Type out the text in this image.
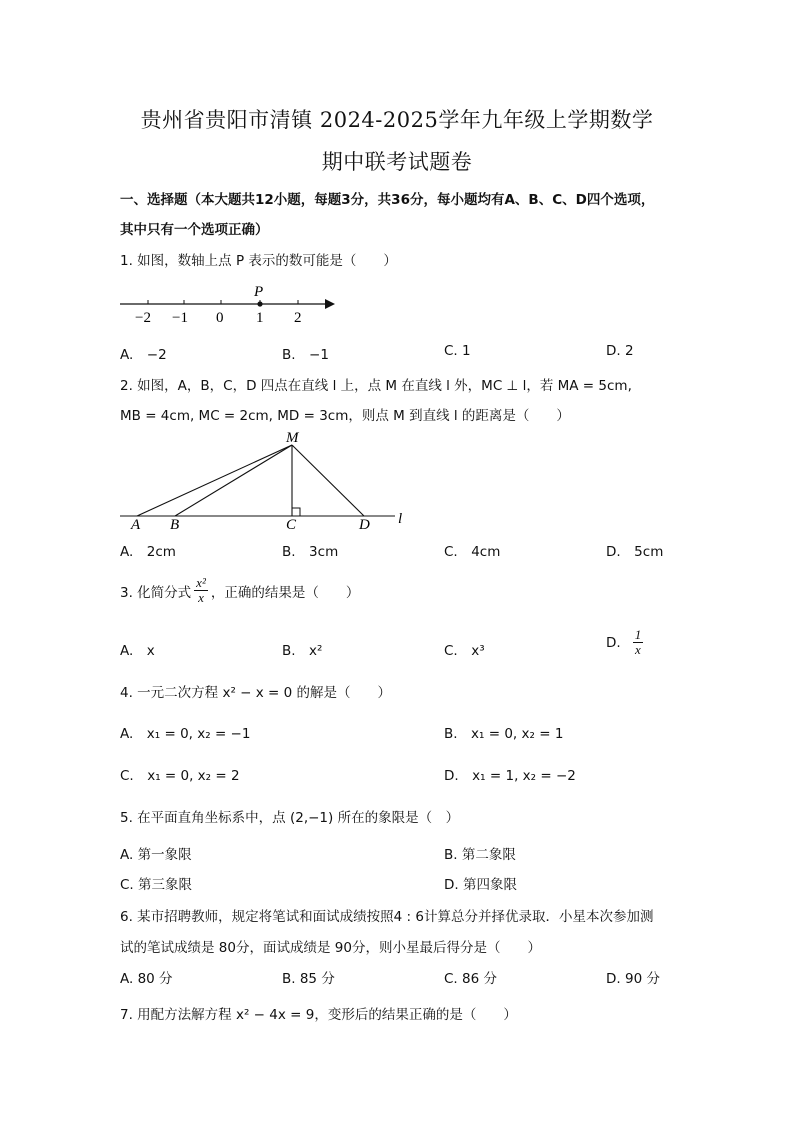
贵州省贵阳市清镇 2024-2025学年九年级上学期数学
期中联考试题卷
一、选择题（本大题共12小题，每题3分，共36分，每小题均有A、B、C、D四个选项，
其中只有一个选项正确）
1. 如图，数轴上点 P 表示的数可能是（　　）
P
−2 −1 0 1 2
A.　−2	B.　−1	C. 1	D. 2
2. 如图，A，B，C，D 四点在直线 l 上，点 M 在直线 l 外，MC ⊥ l，若 MA = 5cm,
MB = 4cm, MC = 2cm, MD = 3cm，则点 M 到直线 l 的距离是（　　）
M
A B	C	D l
A.　2cm	B.　3cm	C.　4cm	D.　5cm
3. 化简分式 $\frac{\text{x²}}{x}$ ，正确的结果是（　　）
A.　x	B.　x²	C.　x³
D. $\frac{1}{x}$
4. 一元二次方程 x² − x = 0 的解是（　　）
A.　x₁ = 0, x₂ = −1	B.　x₁ = 0, x₂ = 1
C.　x₁ = 0, x₂ = 2	D.　x₁ = 1, x₂ = −2
5. 在平面直角坐标系中，点 (2,−1) 所在的象限是（　）
A. 第一象限	B. 第二象限
C. 第三象限	D. 第四象限
6. 某市招聘教师，规定将笔试和面试成绩按照4 : 6计算总分并择优录取．小星本次参加测
试的笔试成绩是 80分，面试成绩是 90分，则小星最后得分是（　　）
A. 80 分	B. 85 分	C. 86 分	D. 90 分
7. 用配方法解方程 x² − 4x = 9，变形后的结果正确的是（　　）
